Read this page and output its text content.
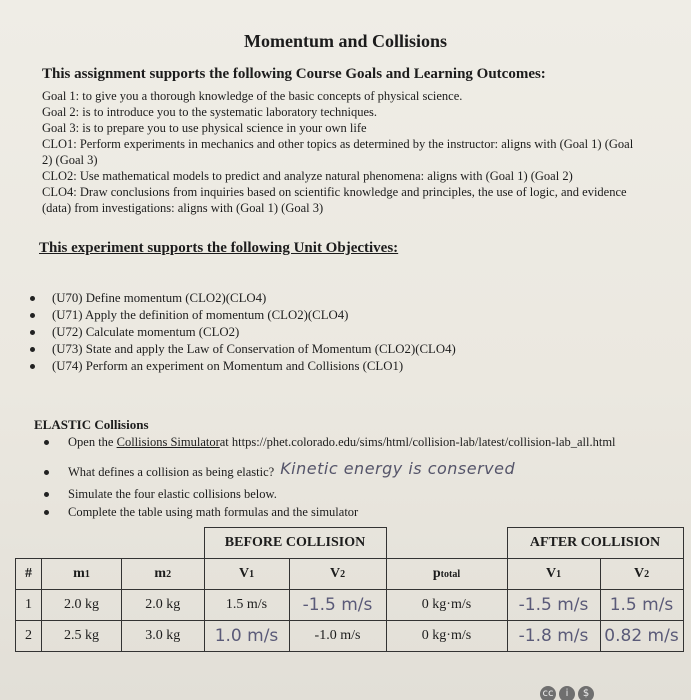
Momentum and Collisions
This assignment supports the following Course Goals and Learning Outcomes:
Goal 1: to give you a thorough knowledge of the basic concepts of physical science.
Goal 2: is to introduce you to the systematic laboratory techniques.
Goal 3: is to prepare you to use physical science in your own life
CLO1: Perform experiments in mechanics and other topics as determined by the instructor: aligns with (Goal 1) (Goal 2) (Goal 3)
CLO2: Use mathematical models to predict and analyze natural phenomena: aligns with (Goal 1) (Goal 2)
CLO4: Draw conclusions from inquiries based on scientific knowledge and principles, the use of logic, and evidence (data) from investigations: aligns with (Goal 1) (Goal 3)
This experiment supports the following Unit Objectives:
(U70) Define momentum (CLO2)(CLO4)
(U71) Apply the definition of momentum (CLO2)(CLO4)
(U72) Calculate momentum (CLO2)
(U73) State and apply the Law of Conservation of Momentum (CLO2)(CLO4)
(U74) Perform an experiment on Momentum and Collisions (CLO1)
ELASTIC Collisions
Open the
Collisions Simulator at https://phet.colorado.edu/sims/html/collision-lab/latest/collision-lab_all.html
What defines a collision as being elastic? Kinetic energy is conserved
Simulate the four elastic collisions below.
Complete the table using math formulas and the simulator
			BEFORE COLLISION			AFTER COLLISION	
#	m1	m2	V1	V2	ptotal	V1	V2
1	2.0 kg	2.0 kg	1.5 m/s	-1.5 m/s	0 kg·m/s	-1.5 m/s	1.5 m/s
2	2.5 kg	3.0 kg	1.0 m/s	-1.0 m/s	0 kg·m/s	-1.8 m/s	0.82 m/s
cc	i	$
